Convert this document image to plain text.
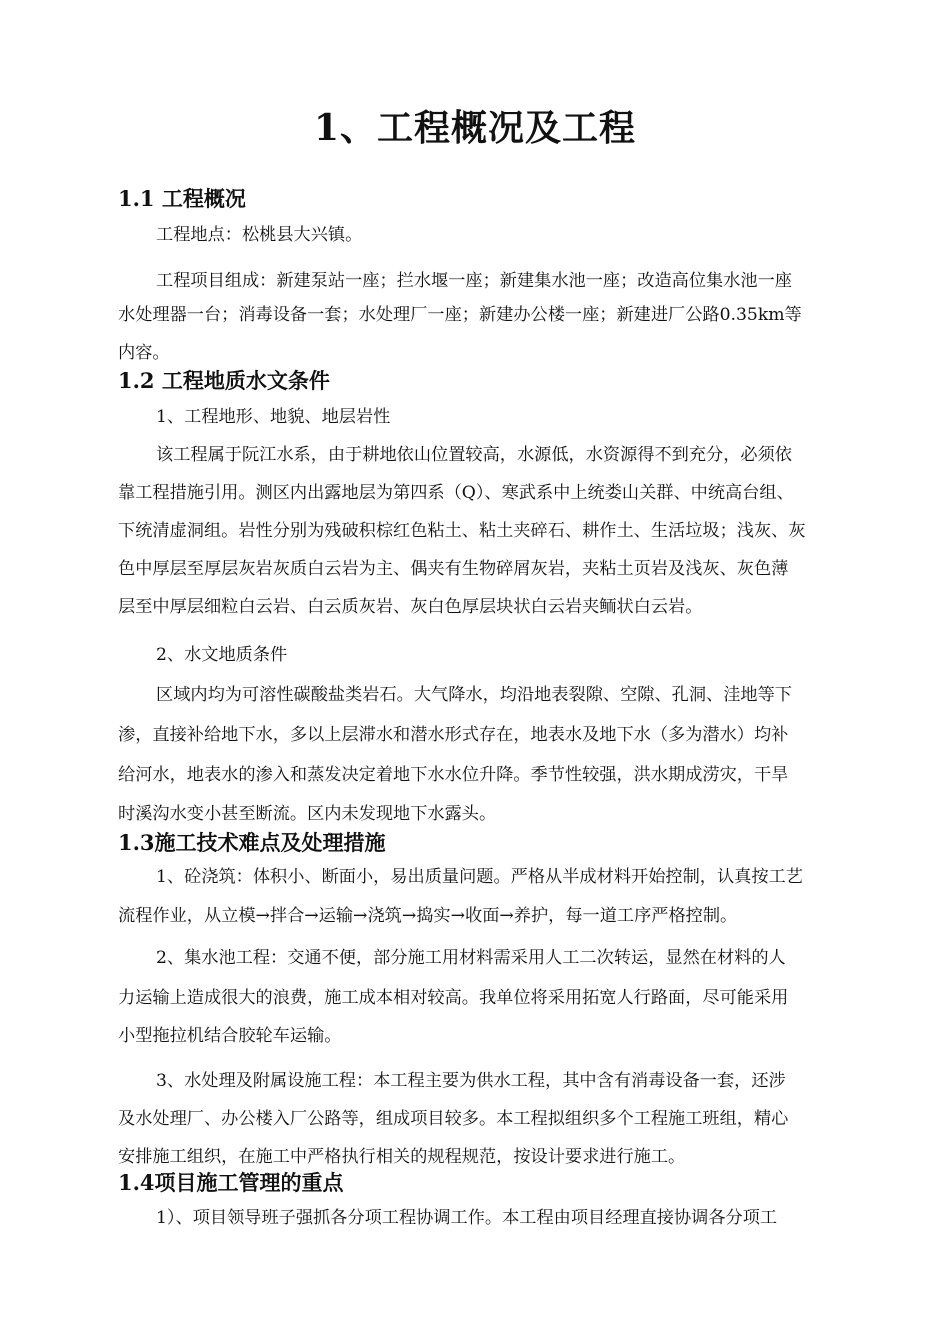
1、工程概况及工程
1.1 工程概况
工程地点：松桃县大兴镇。
工程项目组成：新建泵站一座；拦水堰一座；新建集水池一座；改造高位集水池一座
水处理器一台；消毒设备一套；水处理厂一座；新建办公楼一座；新建进厂公路0.35km等
内容。
1.2 工程地质水文条件
1、工程地形、地貌、地层岩性
该工程属于阮江水系，由于耕地依山位置较高，水源低，水资源得不到充分，必须依
靠工程措施引用。测区内出露地层为第四系（Q）、寒武系中上统娄山关群、中统高台组、
下统清虚洞组。岩性分别为残破积棕红色粘土、粘土夹碎石、耕作土、生活垃圾；浅灰、灰
色中厚层至厚层灰岩灰质白云岩为主、偶夹有生物碎屑灰岩，夹粘土页岩及浅灰、灰色薄
层至中厚层细粒白云岩、白云质灰岩、灰白色厚层块状白云岩夹鲕状白云岩。
2、水文地质条件
区域内均为可溶性碳酸盐类岩石。大气降水，均沿地表裂隙、空隙、孔洞、洼地等下
渗，直接补给地下水，多以上层滞水和潜水形式存在，地表水及地下水（多为潜水）均补
给河水，地表水的渗入和蒸发决定着地下水水位升降。季节性较强，洪水期成涝灾，干旱
时溪沟水变小甚至断流。区内未发现地下水露头。
1.3施工技术难点及处理措施
1、砼浇筑：体积小、断面小，易出质量问题。严格从半成材料开始控制，认真按工艺
流程作业，从立模→拌合→运输→浇筑→捣实→收面→养护，每一道工序严格控制。
2、集水池工程：交通不便，部分施工用材料需采用人工二次转运，显然在材料的人
力运输上造成很大的浪费，施工成本相对较高。我单位将采用拓宽人行路面，尽可能采用
小型拖拉机结合胶轮车运输。
3、水处理及附属设施工程：本工程主要为供水工程，其中含有消毒设备一套，还涉
及水处理厂、办公楼入厂公路等，组成项目较多。本工程拟组织多个工程施工班组，精心
安排施工组织，在施工中严格执行相关的规程规范，按设计要求进行施工。
1.4项目施工管理的重点
1）、项目领导班子强抓各分项工程协调工作。本工程由项目经理直接协调各分项工
